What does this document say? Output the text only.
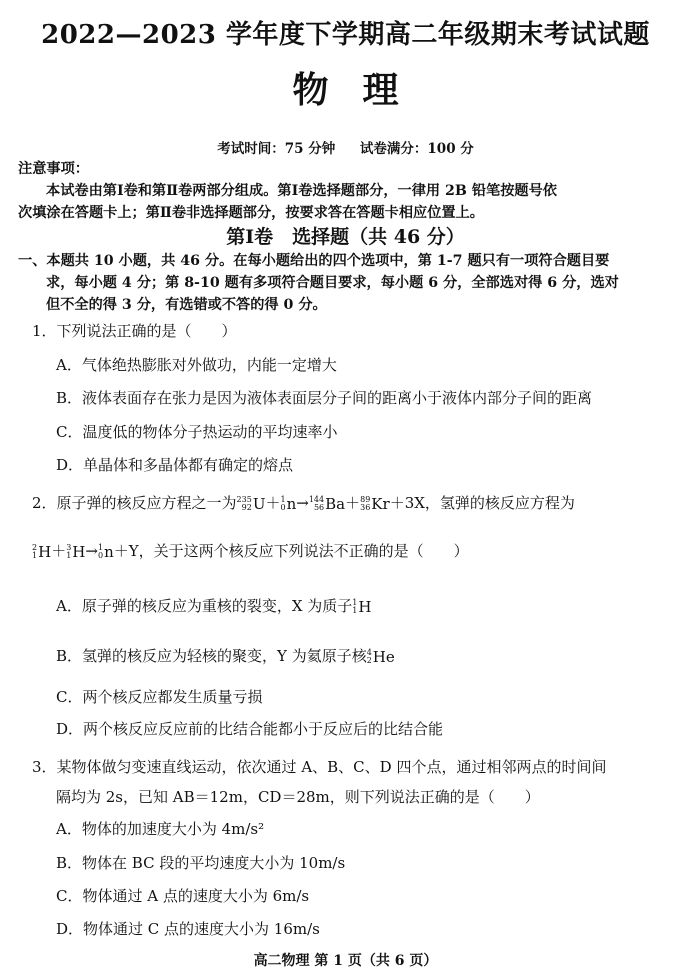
2022—2023 学年度下学期高二年级期末考试试题
物理
考试时间：75 分钟 试卷满分：100 分
注意事项：
本试卷由第Ⅰ卷和第Ⅱ卷两部分组成。第Ⅰ卷选择题部分，一律用 2B 铅笔按题号依
次填涂在答题卡上；第Ⅱ卷非选择题部分，按要求答在答题卡相应位置上。
第Ⅰ卷　选择题（共 46 分）
一、本题共 10 小题，共 46 分。在每小题给出的四个选项中，第 1-7 题只有一项符合题目要
求，每小题 4 分；第 8-10 题有多项符合题目要求，每小题 6 分，全部选对得 6 分，选对
但不全的得 3 分，有选错或不答的得 0 分。
1．下列说法正确的是（　　）
A．气体绝热膨胀对外做功，内能一定增大
B．液体表面存在张力是因为液体表面层分子间的距离小于液体内部分子间的距离
C．温度低的物体分子热运动的平均速率小
D．单晶体和多晶体都有确定的熔点
2．原子弹的核反应方程之一为 235
92 U＋ 1
0 n→ 144
56 Ba＋ 89
36 Kr＋3X，氢弹的核反应方程为
2
1 H＋ 3
1 H→ 1
0 n＋Y，关于这两个核反应下列说法不正确的是（　　）
A．原子弹的核反应为重核的裂变，X 为质子 1
1 H
B．氢弹的核反应为轻核的聚变，Y 为氦原子核 4
2 He
C．两个核反应都发生质量亏损
D．两个核反应反应前的比结合能都小于反应后的比结合能
3．某物体做匀变速直线运动，依次通过 A、B、C、D 四个点，通过相邻两点的时间间
隔均为 2s，已知 AB＝12m，CD＝28m，则下列说法正确的是（　　）
A．物体的加速度大小为 4m/s²
B．物体在 BC 段的平均速度大小为 10m/s
C．物体通过 A 点的速度大小为 6m/s
D．物体通过 C 点的速度大小为 16m/s
高二物理 第 1 页（共 6 页）
